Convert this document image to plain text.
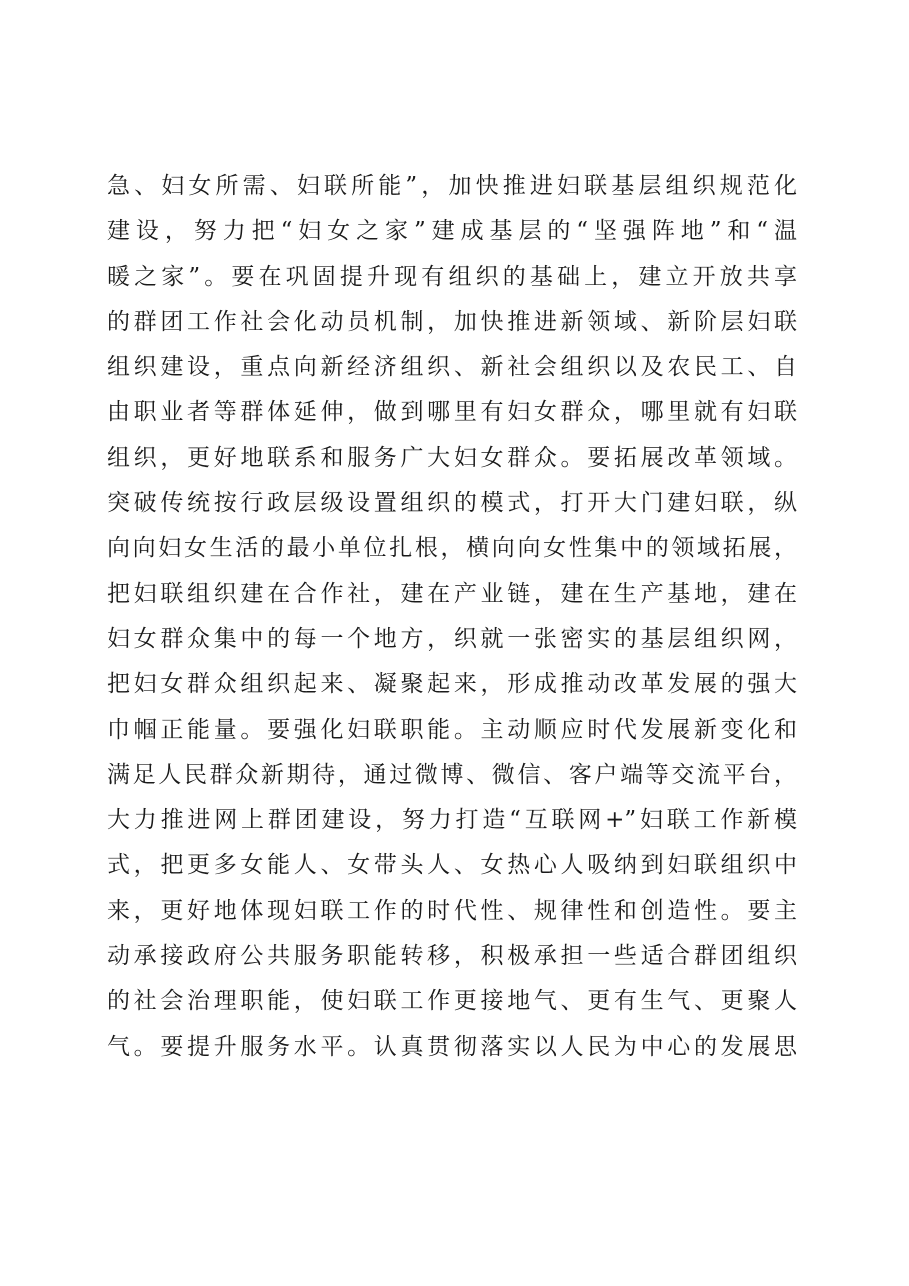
急、妇女所需、妇联所能”，加快推进妇联基层组织规范化
建设，努力把“妇女之家”建成基层的“坚强阵地”和“温
暖之家”。要在巩固提升现有组织的基础上，建立开放共享
的群团工作社会化动员机制，加快推进新领域、新阶层妇联
组织建设，重点向新经济组织、新社会组织以及农民工、自
由职业者等群体延伸，做到哪里有妇女群众，哪里就有妇联
组织，更好地联系和服务广大妇女群众。要拓展改革领域。
突破传统按行政层级设置组织的模式，打开大门建妇联，纵
向向妇女生活的最小单位扎根，横向向女性集中的领域拓展，
把妇联组织建在合作社，建在产业链，建在生产基地，建在
妇女群众集中的每一个地方，织就一张密实的基层组织网，
把妇女群众组织起来、凝聚起来，形成推动改革发展的强大
巾帼正能量。要强化妇联职能。主动顺应时代发展新变化和
满足人民群众新期待，通过微博、微信、客户端等交流平台，
大力推进网上群团建设，努力打造“互联网+”妇联工作新模
式，把更多女能人、女带头人、女热心人吸纳到妇联组织中
来，更好地体现妇联工作的时代性、规律性和创造性。要主
动承接政府公共服务职能转移，积极承担一些适合群团组织
的社会治理职能，使妇联工作更接地气、更有生气、更聚人
气。要提升服务水平。认真贯彻落实以人民为中心的发展思
